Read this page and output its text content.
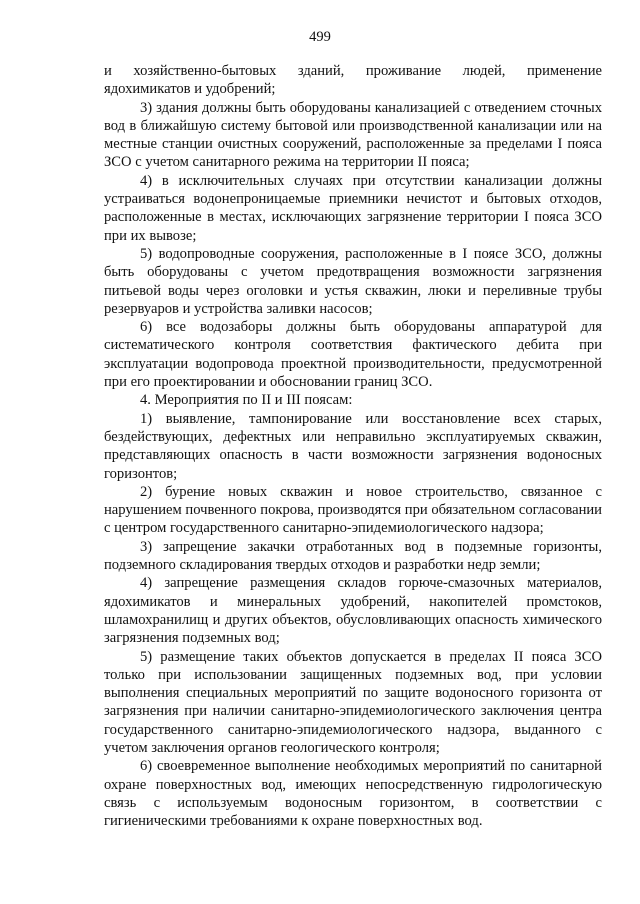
499

и хозяйственно-бытовых зданий, проживание людей, применение ядохимикатов и удобрений;

3) здания должны быть оборудованы канализацией с отведением сточных вод в ближайшую систему бытовой или производственной канализации или на местные станции очистных сооружений, расположенные за пределами I пояса ЗСО с учетом санитарного режима на территории II пояса;

4) в исключительных случаях при отсутствии канализации должны устраиваться водонепроницаемые приемники нечистот и бытовых отходов, расположенные в местах, исключающих загрязнение территории I пояса ЗСО при их вывозе;

5) водопроводные сооружения, расположенные в I поясе ЗСО, должны быть оборудованы с учетом предотвращения возможности загрязнения питьевой воды через оголовки и устья скважин, люки и переливные трубы резервуаров и устройства заливки насосов;

6) все водозаборы должны быть оборудованы аппаратурой для систематического контроля соответствия фактического дебита при эксплуатации водопровода проектной производительности, предусмотренной при его проектировании и обосновании границ ЗСО.

4. Мероприятия по II и III поясам:

1) выявление, тампонирование или восстановление всех старых, бездействующих, дефектных или неправильно эксплуатируемых скважин, представляющих опасность в части возможности загрязнения водоносных горизонтов;

2) бурение новых скважин и новое строительство, связанное с нарушением почвенного покрова, производятся при обязательном согласовании с центром государственного санитарно-эпидемиологического надзора;

3) запрещение закачки отработанных вод в подземные горизонты, подземного складирования твердых отходов и разработки недр земли;

4) запрещение размещения складов горюче-смазочных материалов, ядохимикатов и минеральных удобрений, накопителей промстоков, шламохранилищ и других объектов, обусловливающих опасность химического загрязнения подземных вод;

5) размещение таких объектов допускается в пределах II пояса ЗСО только при использовании защищенных подземных вод, при условии выполнения специальных мероприятий по защите водоносного горизонта от загрязнения при наличии санитарно-эпидемиологического заключения центра государственного санитарно-эпидемиологического надзора, выданного с учетом заключения органов геологического контроля;

6) своевременное выполнение необходимых мероприятий по санитарной охране поверхностных вод, имеющих непосредственную гидрологическую связь с используемым водоносным горизонтом, в соответствии с гигиеническими требованиями к охране поверхностных вод.
